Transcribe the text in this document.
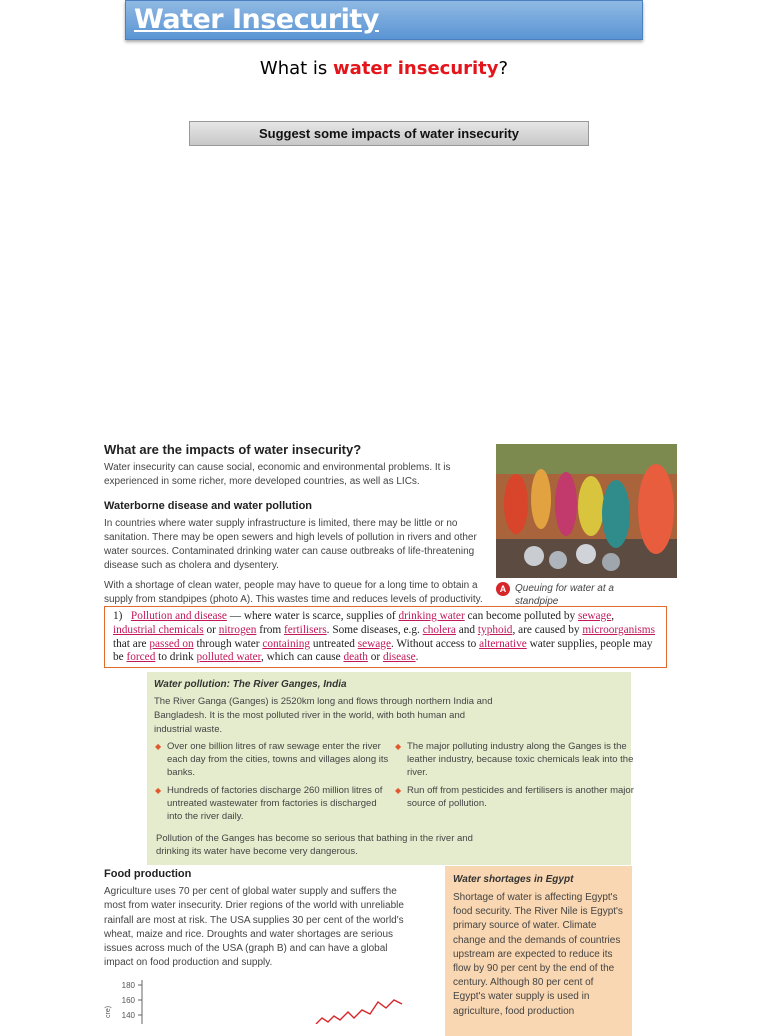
Water Insecurity
What is water insecurity?
Suggest some impacts of water insecurity
What are the impacts of water insecurity?
Water insecurity can cause social, economic and environmental problems. It is experienced in some richer, more developed countries, as well as LICs.
Waterborne disease and water pollution
In countries where water supply infrastructure is limited, there may be little or no sanitation. There may be open sewers and high levels of pollution in rivers and other water sources. Contaminated drinking water can cause outbreaks of life-threatening disease such as cholera and dysentery.
With a shortage of clean water, people may have to queue for a long time to obtain a supply from standpipes (photo A). This wastes time and reduces levels of productivity.
A Queuing for water at a standpipe
1) Pollution and disease — where water is scarce, supplies of drinking water can become polluted by sewage,
industrial chemicals or nitrogen from fertilisers. Some diseases, e.g. cholera and typhoid, are caused by microorganisms that are passed on through water containing untreated sewage. Without access to alternative water supplies, people may be forced to drink polluted water, which can cause death or disease.
Water pollution: The River Ganges, India
The River Ganga (Ganges) is 2520km long and flows through northern India and Bangladesh. It is the most polluted river in the world, with both human and industrial waste.
◆ Over one billion litres of raw sewage enter the river each day from the cities, towns and villages along its banks.
◆ Hundreds of factories discharge 260 million litres of untreated wastewater from factories is discharged into the river daily.
◆ The major polluting industry along the Ganges is the leather industry, because toxic chemicals leak into the river.
◆ Run off from pesticides and fertilisers is another major source of pollution.
Pollution of the Ganges has become so serious that bathing in the river and drinking its water have become very dangerous.
Food production
Agriculture uses 70 per cent of global water supply and suffers the most from water insecurity. Drier regions of the world with unreliable rainfall are most at risk. The USA supplies 30 per cent of the world's wheat, maize and rice. Droughts and water shortages are serious issues across much of the USA (graph B) and can have a global impact on food production and supply.
Water shortages in Egypt
Shortage of water is affecting Egypt's food security. The River Nile is Egypt's primary source of water. Climate change and the demands of countries upstream are expected to reduce its flow by 90 per cent by the end of the century. Although 80 per cent of Egypt's water supply is used in agriculture, food production
180
160
140
cre)
